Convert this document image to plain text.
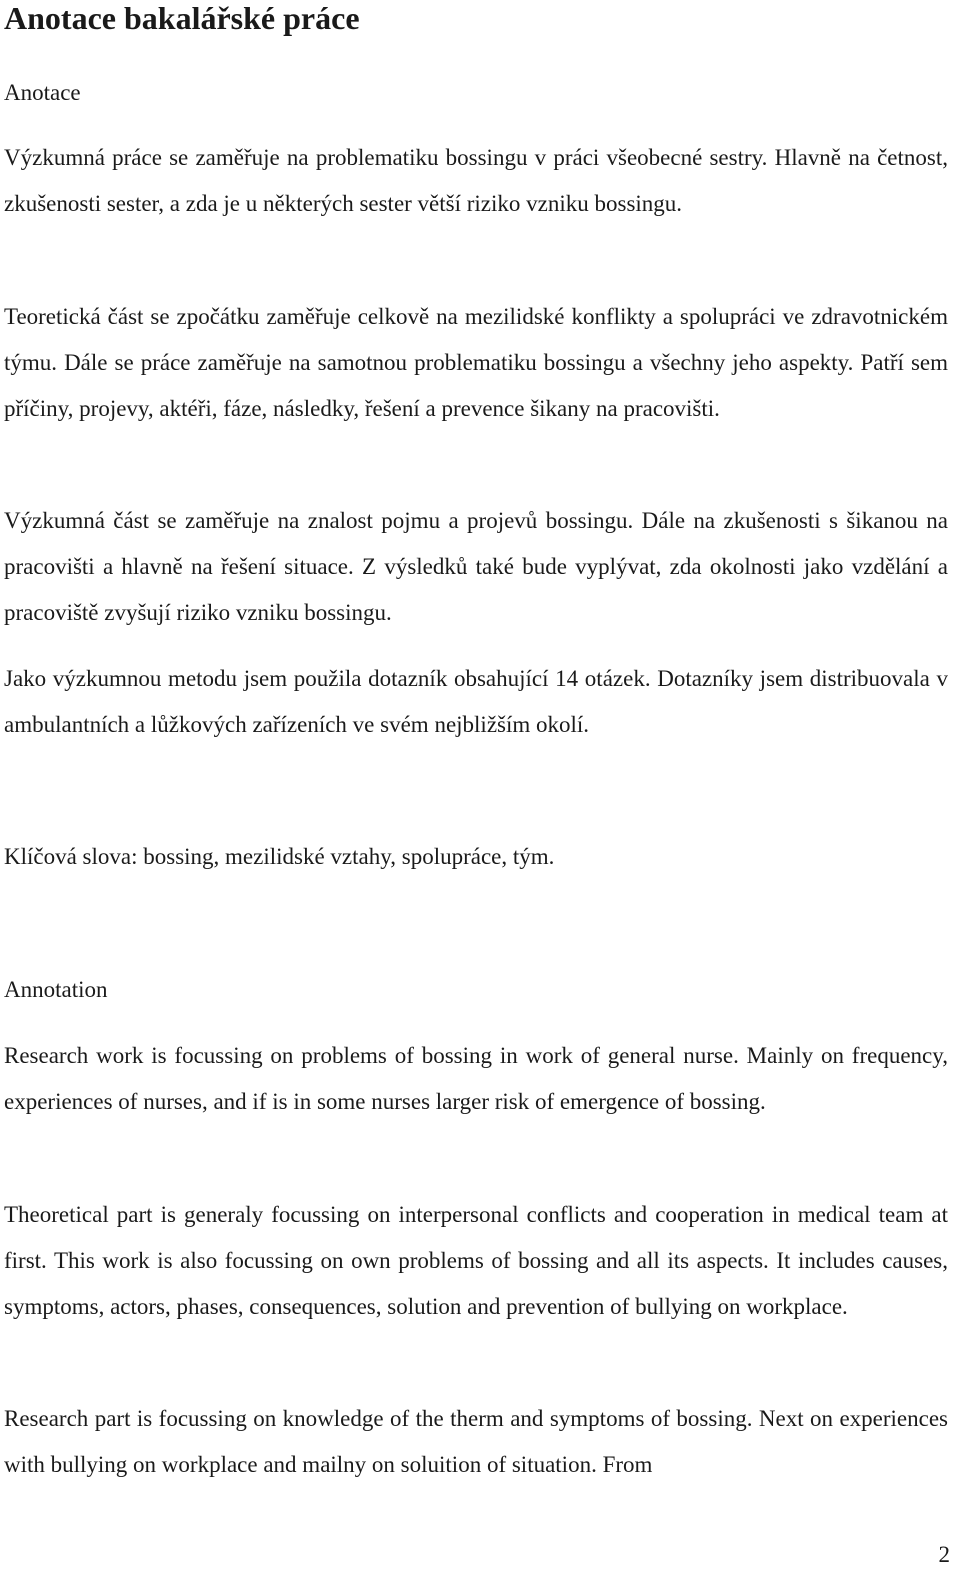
Anotace bakalářské práce

Anotace

Výzkumná práce se zaměřuje na problematiku bossingu v práci všeobecné sestry. Hlavně na četnost, zkušenosti sester, a zda je u některých sester větší riziko vzniku bossingu.

Teoretická část se zpočátku zaměřuje celkově na mezilidské konflikty a spolupráci ve zdravotnickém týmu. Dále se práce zaměřuje na samotnou problematiku bossingu a všechny jeho aspekty. Patří sem příčiny, projevy, aktéři, fáze, následky, řešení a prevence šikany na pracovišti.

Výzkumná část se zaměřuje na znalost pojmu a projevů bossingu. Dále na zkušenosti s šikanou na pracovišti a hlavně na řešení situace. Z výsledků také bude vyplývat, zda okolnosti jako vzdělání a pracoviště zvyšují riziko vzniku bossingu.

Jako výzkumnou metodu jsem použila dotazník obsahující 14 otázek. Dotazníky jsem distribuovala v ambulantních a lůžkových zařízeních ve svém nejbližším okolí.

Klíčová slova: bossing, mezilidské vztahy, spolupráce, tým.

Annotation

Research work is focussing on problems of bossing in work of general nurse. Mainly on frequency, experiences of nurses, and if is in some nurses larger risk of emergence of bossing.

Theoretical part is generaly focussing on interpersonal conflicts and cooperation in medical team at first. This work is also focussing on own problems of bossing and all its aspects. It includes causes, symptoms, actors, phases, consequences, solution and prevention of bullying on workplace.

Research part is focussing on knowledge of the therm and symptoms of bossing. Next on experiences with bullying on workplace and mailny on soluition of situation. From

2
